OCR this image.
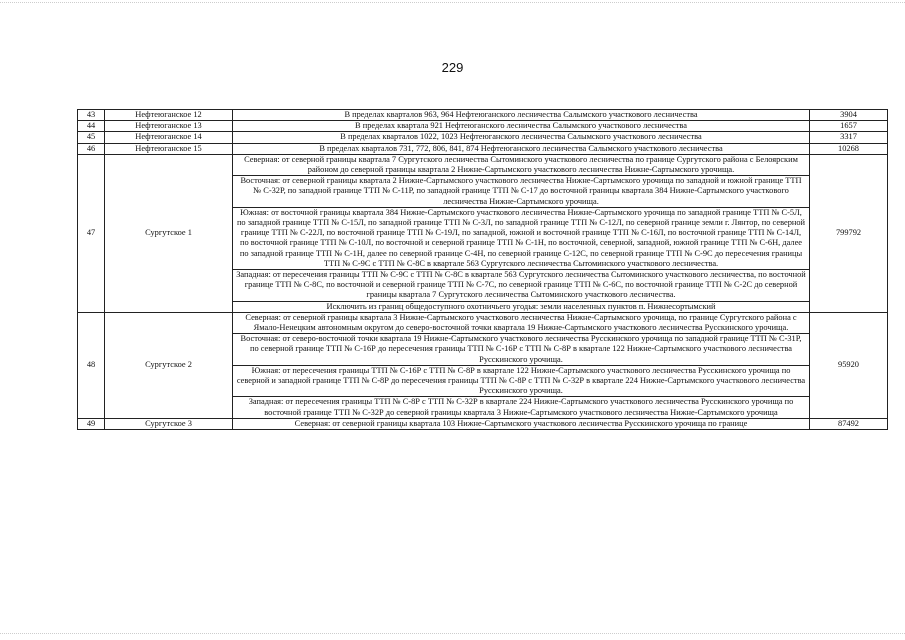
229
43	Нефтеюганское 12	В пределах кварталов 963, 964 Нефтеюганского лесничества Салымского участкового лесничества	3904
44	Нефтеюганское 13	В пределах квартала 921 Нефтеюганского лесничества Салымского участкового лесничества	1657
45	Нефтеюганское 14	В пределах кварталов 1022, 1023 Нефтеюганского лесничества Салымского участкового лесничества	3317
46	Нефтеюганское 15	В пределах кварталов 731, 772, 806, 841, 874 Нефтеюганского лесничества Салымского участкового лесничества	10268
47	Сургутское 1	Северная: от северной границы квартала 7 Сургутского лесничества Сытоминского участкового лесничества по границе Сургутского района с Белоярским районом до северной границы квартала 2 Нижне-Сартымского участкового лесничества Нижне-Сартымского урочища.	799792
		Восточная: от северной границы квартала 2 Нижне-Сартымского участкового лесничества Нижне-Сартымского урочища по западной и южной границе ТТП № С-32Р, по западной границе ТТП № С-11Р, по западной границе ТТП № С-17 до восточной границы квартала 384 Нижне-Сартымского участкового лесничества Нижне-Сартымского урочища.	
		Южная: от восточной границы квартала 384 Нижне-Сартымского участкового лесничества Нижне-Сартымского урочища по западной границе ТТП № С-5Л, по западной границе ТТП № С-15Л, по западной границе ТТП № С-3Л, по западной границе ТТП № С-12Л, по северной границе земли г. Лянтор, по северной границе ТТП № С-22Л, по восточной границе ТТП № С-19Л, по западной, южной и восточной границе ТТП № С-16Л, по восточной границе ТТП № С-14Л, по восточной границе ТТП № С-10Л, по восточной и северной границе ТТП № С-1Н, по восточной, северной, западной, южной границе ТТП № С-6Н, далее по западной границе ТТП № С-1Н, далее по северной границе С-4Н, по северной границе С-12С, по северной границе ТТП № С-9С до пересечения границы ТТП № С-9С с ТТП № С-8С в квартале 563 Сургутского лесничества Сытоминского участкового лесничества.	
		Западная: от пересечения границы ТТП № С-9С с ТТП № С-8С в квартале 563 Сургутского лесничества Сытоминского участкового лесничества, по восточной границе ТТП № С-8С, по восточной и северной границе ТТП № С-7С, по северной границе ТТП № С-6С, по восточной границе ТТП № С-2С до северной границы квартала 7 Сургутского лесничества Сытоминского участкового лесничества.	
		Исключить из границ общедоступного охотничьего угодья: земли населенных пунктов п. Нижнесортымский	
48	Сургутское 2	Северная: от северной границы квартала 3 Нижне-Сартымского участкового лесничества Нижне-Сартымского урочища, по границе Сургутского района с Ямало-Ненецким автономным округом до северо-восточной точки квартала 19 Нижне-Сартымского участкового лесничества Русскинского урочища.	95920
		Восточная: от северо-восточной точки квартала 19 Нижне-Сартымского участкового лесничества Русскинского урочища по западной границе ТТП № С-31Р, по северной границе ТТП № С-16Р до пересечения границы ТТП № С-16Р с ТТП № С-8Р в квартале 122 Нижне-Сартымского участкового лесничества Русскинского урочища.	
		Южная: от пересечения границы ТТП № С-16Р с ТТП № С-8Р в квартале 122 Нижне-Сартымского участкового лесничества Русскинского урочища по северной и западной границе ТТП № С-8Р до пересечения границы ТТП № С-8Р с ТТП № С-32Р в квартале 224 Нижне-Сартымского участкового лесничества Русскинского урочища.	
		Западная: от пересечения границы ТТП № С-8Р с ТТП № С-32Р в квартале 224 Нижне-Сартымского участкового лесничества Русскинского урочища по восточной границе ТТП № С-32Р до северной границы квартала 3 Нижне-Сартымского участкового лесничества Нижне-Сартымского урочища	
49	Сургутское 3	Северная: от северной границы квартала 103 Нижне-Сартымского участкового лесничества Русскинского урочища по границе	87492
